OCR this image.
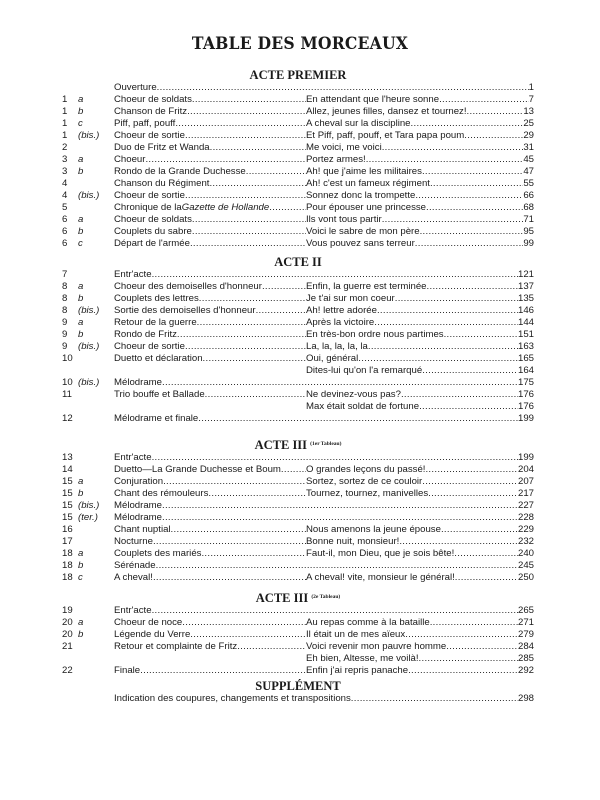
TABLE DES MORCEAUX
ACTE PREMIER
Ouverture .....	1
1	a	Choeur de soldats .....	En attendant que l'heure sonne .....	7
1	b	Chanson de Fritz .....	Allez, jeunes filles, dansez et tournez! .....	13
1	c	Piff, paff, pouff .....	A cheval sur la discipline .....	25
1	(bis.)	Choeur de sortie .....	Et Piff, paff, pouff, et Tara papa poum .....	29
2	Duo de Fritz et Wanda .....	Me voici, me voici .....	31
3	a	Choeur .....	Portez armes! .....	45
3	b	Rondo de la Grande Duchesse .....	Ah! que j'aime les militaires .....	47
4	Chanson du Régiment .....	Ah! c'est un fameux régiment .....	55
4	(bis.)	Choeur de sortie .....	Sonnez donc la trompette .....	66
5	Chronique de la Gazette de Hollande .....	Pour épouser une princesse .....	68
6	a	Choeur de soldats .....	Ils vont tous partir .....	71
6	b	Couplets du sabre .....	Voici le sabre de mon père .....	95
6	c	Départ de l'armée .....	Vous pouvez sans terreur .....	99
ACTE II
7	Entr'acte .....	121
8	a	Choeur des demoiselles d'honneur .....	Enfin, la guerre est terminée .....	137
8	b	Couplets des lettres .....	Je t'ai sur mon coeur .....	135
8	(bis.)	Sortie des demoiselles d'honneur .....	Ah! lettre adorée .....	146
9	a	Retour de la guerre .....	Après la victoire .....	144
9	b	Rondo de Fritz .....	En très-bon ordre nous partimes .....	151
9	(bis.)	Choeur de sortie .....	La, la, la, la, la .....	163
10	Duetto et déclaration .....	Oui, général .....	165
Dites-lui qu'on l'a remarqué .....	164
10 (bis.)	Mélodrame .....	175
11	Trio bouffe et Ballade .....	Ne devinez-vous pas? .....	176
Max était soldat de fortune .....	176
12	Mélodrame et finale .....	199
ACTE III $^{(1er Tableau)}$
13	Entr'acte .....	199
14	Duetto—La Grande Duchesse et Boum .....	O grandes leçons du passé! .....	204
15 a	Conjuration .....	Sortez, sortez de ce couloir .....	207
15 b	Chant des rémouleurs .....	Tournez, tournez, manivelles .....	217
15 (bis.)	Mélodrame .....	227
15 (ter.)	Mélodrame .....	228
16	Chant nuptial .....	Nous amenons la jeune épouse .....	229
17	Nocturne .....	Bonne nuit, monsieur! .....	232
18 a	Couplets des mariés .....	Faut-il, mon Dieu, que je sois bête! .....	240
18 b	Sérénade .....	245
18 c	A cheval! .....	A cheval! vite, monsieur le général! .....	250
ACTE III $^{(2e Tableau)}$
19	Entr'acte .....	265
20 a	Choeur de noce .....	Au repas comme à la bataille .....	271
20 b	Légende du Verre .....	Il était un de mes aïeux .....	279
21	Retour et complainte de Fritz .....	Voici revenir mon pauvre homme .....	284
Eh bien, Altesse, me voilà! .....	285
22	Finale .....	Enfin j'ai repris panache .....	292
SUPPLÉMENT
Indication des coupures, changements et transpositions .....	298
